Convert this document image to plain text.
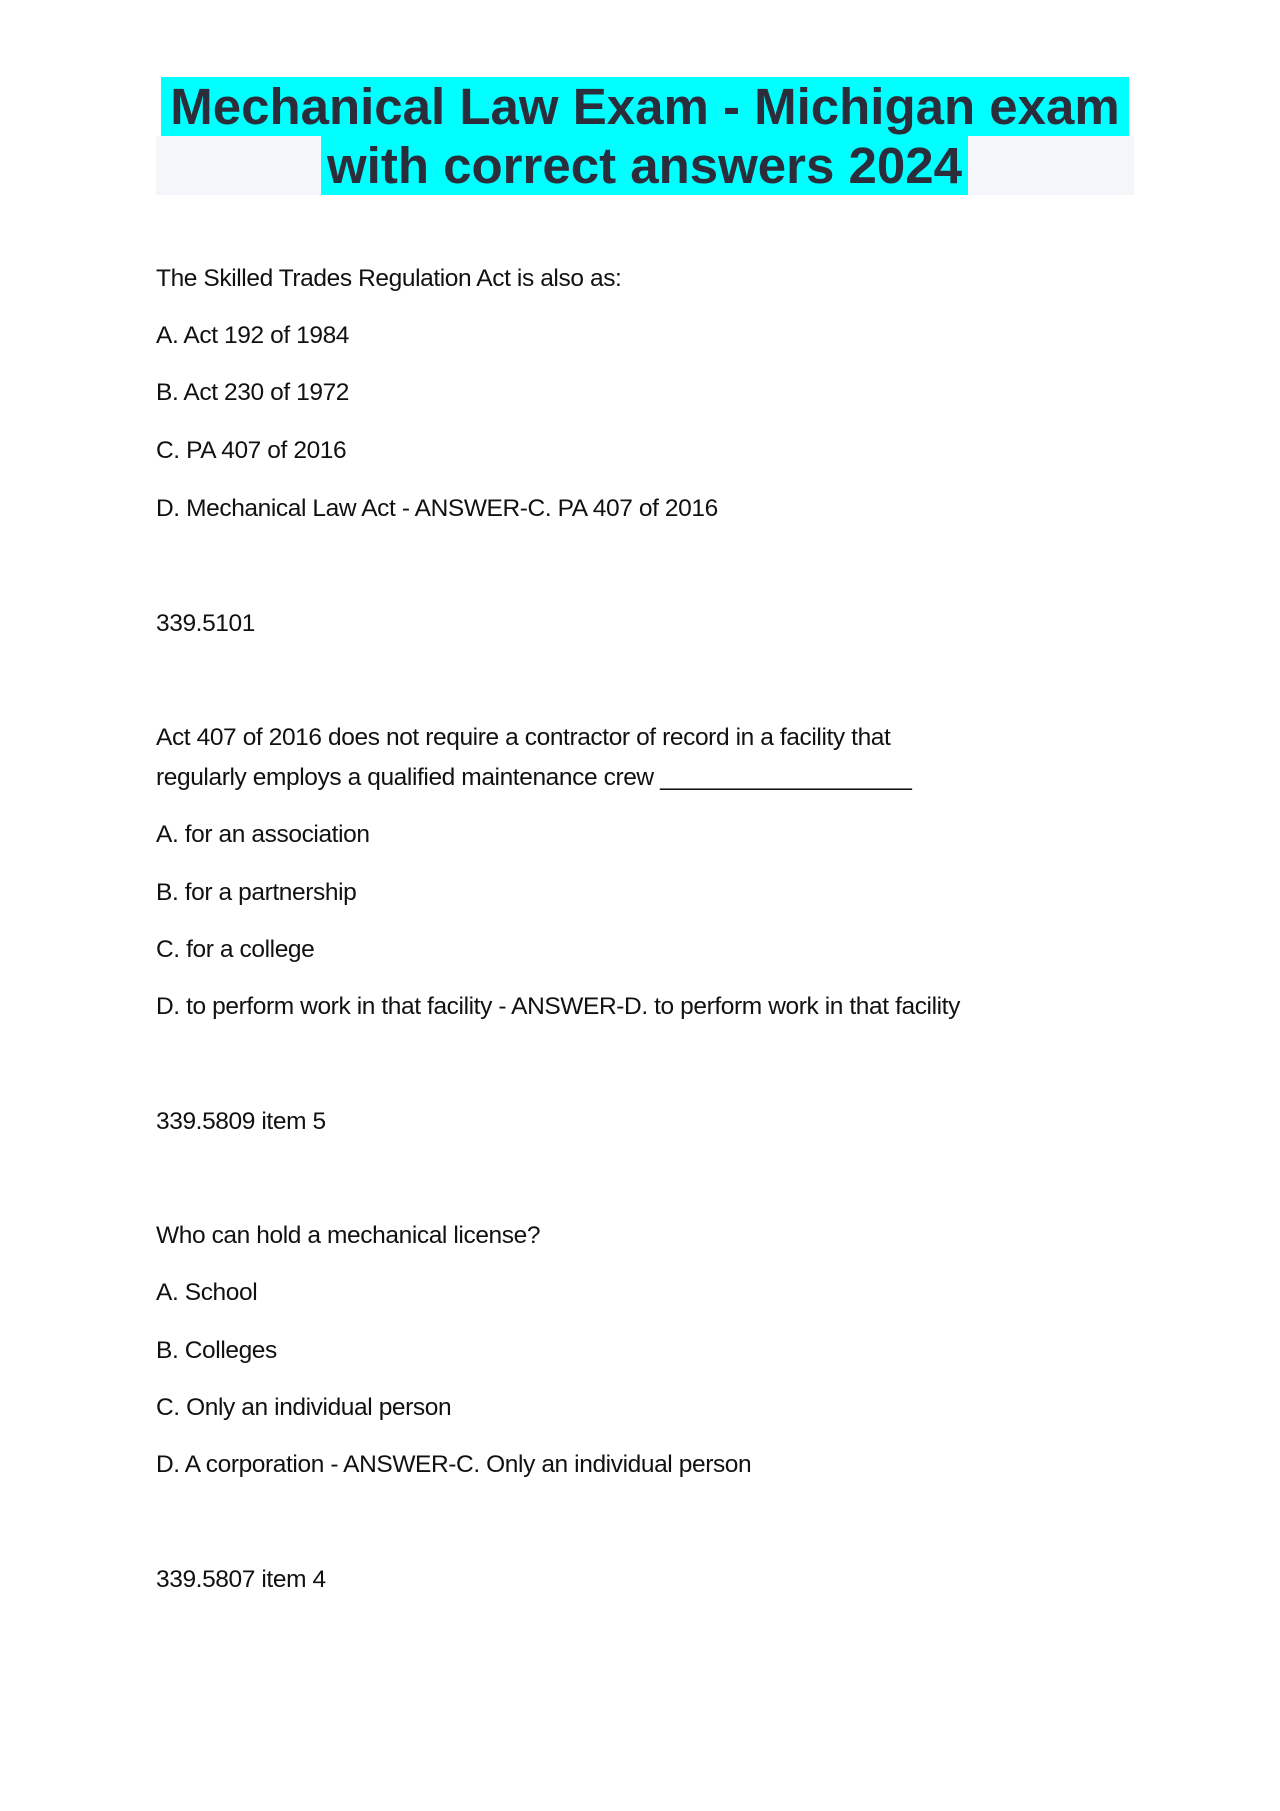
Mechanical Law Exam - Michigan exam
with correct answers 2024
The Skilled Trades Regulation Act is also as:
A. Act 192 of 1984
B. Act 230 of 1972
C. PA 407 of 2016
D. Mechanical Law Act - ANSWER-C. PA 407 of 2016
339.5101
Act 407 of 2016 does not require a contractor of record in a facility that
regularly employs a qualified maintenance crew ___________________
A. for an association
B. for a partnership
C. for a college
D. to perform work in that facility - ANSWER-D. to perform work in that facility
339.5809 item 5
Who can hold a mechanical license?
A. School
B. Colleges
C. Only an individual person
D. A corporation - ANSWER-C. Only an individual person
339.5807 item 4
